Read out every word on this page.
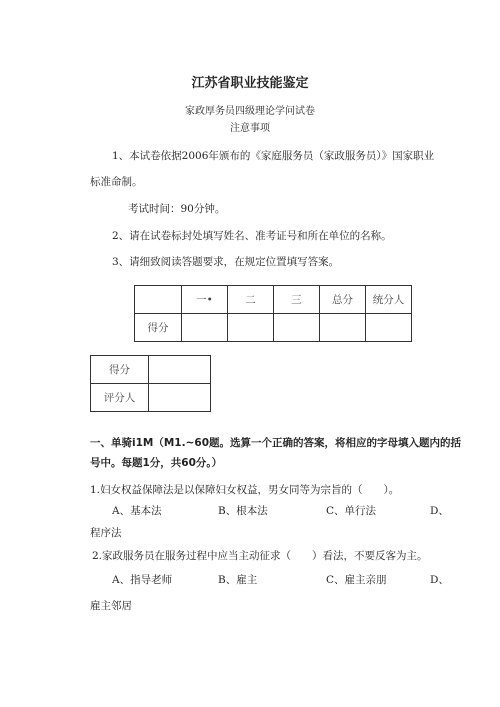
江苏省职业技能鉴定
家政厚务员四级理论学问试卷
注意事项
1、本试卷依据2006年颁布的《家庭服务员（家政服务员）》国家职业
标准命制。
考试时间：90分钟。
2、请在试卷标封处填写姓名、准考证号和所在单位的名称。
3、请细致阅读答题要求，在规定位置填写答案。
	一•	二	三	总分	统分人
得分					
得分	
评分人	
一、单骑i1M（M1.~60题。选算一个正确的答案，将相应的字母填入题内的括
号中。每题1分，共60分。）
1.妇女权益保障法是以保障妇女权益，男女同等为宗旨的（　　）。
A、基本法	B、根本法	C、单行法	D、
程序法
2.家政服务员在服务过程中应当主动征求（　　）看法，不要反客为主。
A、指导老师	B、雇主	C、雇主亲朋	D、
雇主邻居
